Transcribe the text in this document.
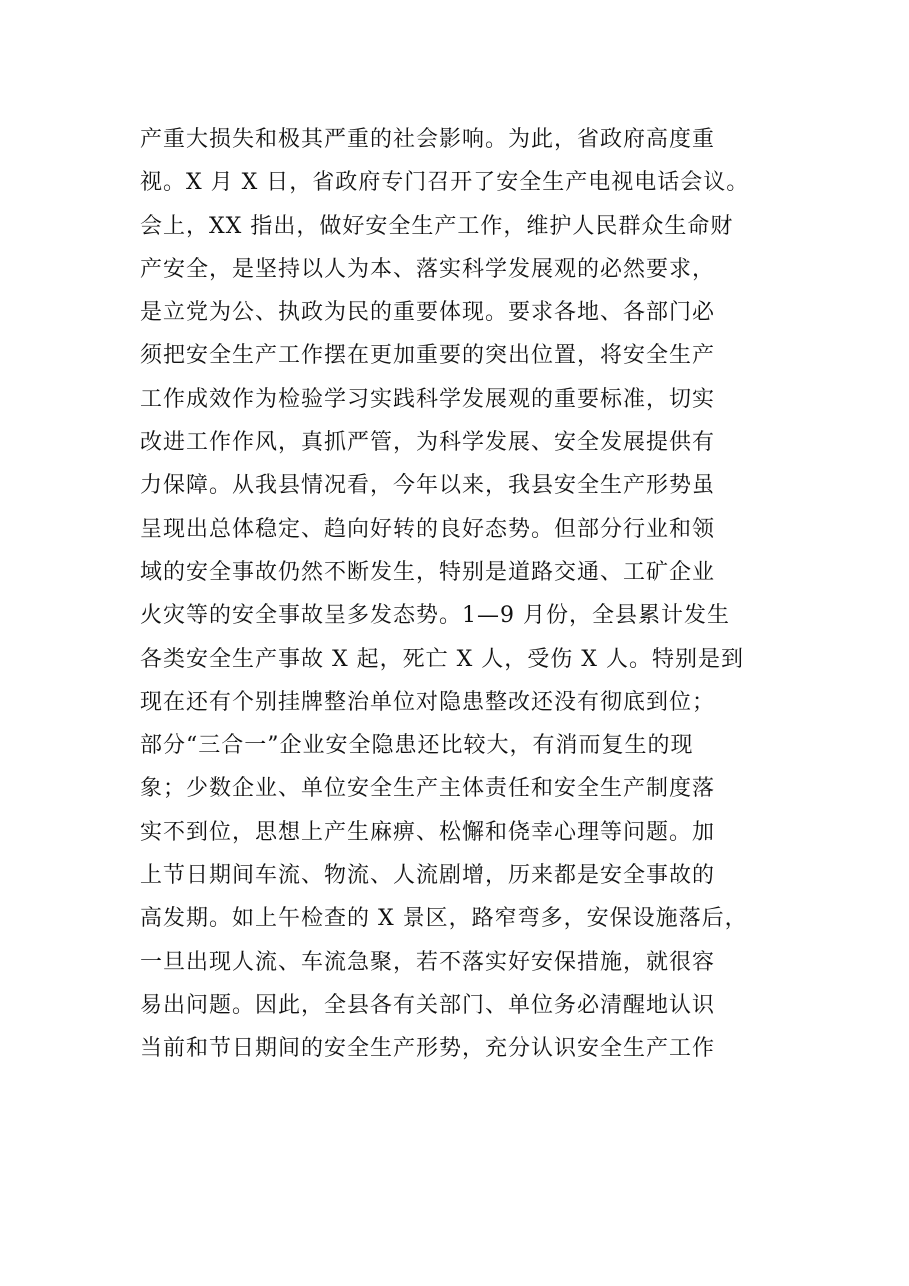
产重大损失和极其严重的社会影响。为此，省政府高度重
视。X 月 X 日，省政府专门召开了安全生产电视电话会议。
会上，XX 指出，做好安全生产工作，维护人民群众生命财
产安全，是坚持以人为本、落实科学发展观的必然要求，
是立党为公、执政为民的重要体现。要求各地、各部门必
须把安全生产工作摆在更加重要的突出位置，将安全生产
工作成效作为检验学习实践科学发展观的重要标准，切实
改进工作作风，真抓严管，为科学发展、安全发展提供有
力保障。从我县情况看，今年以来，我县安全生产形势虽
呈现出总体稳定、趋向好转的良好态势。但部分行业和领
域的安全事故仍然不断发生，特别是道路交通、工矿企业
火灾等的安全事故呈多发态势。1—9 月份，全县累计发生
各类安全生产事故 X 起，死亡 X 人，受伤 X 人。特别是到
现在还有个别挂牌整治单位对隐患整改还没有彻底到位；
部分“三合一”企业安全隐患还比较大，有消而复生的现
象；少数企业、单位安全生产主体责任和安全生产制度落
实不到位，思想上产生麻痹、松懈和侥幸心理等问题。加
上节日期间车流、物流、人流剧增，历来都是安全事故的
高发期。如上午检查的 X 景区，路窄弯多，安保设施落后，
一旦出现人流、车流急聚，若不落实好安保措施，就很容
易出问题。因此，全县各有关部门、单位务必清醒地认识
当前和节日期间的安全生产形势，充分认识安全生产工作
